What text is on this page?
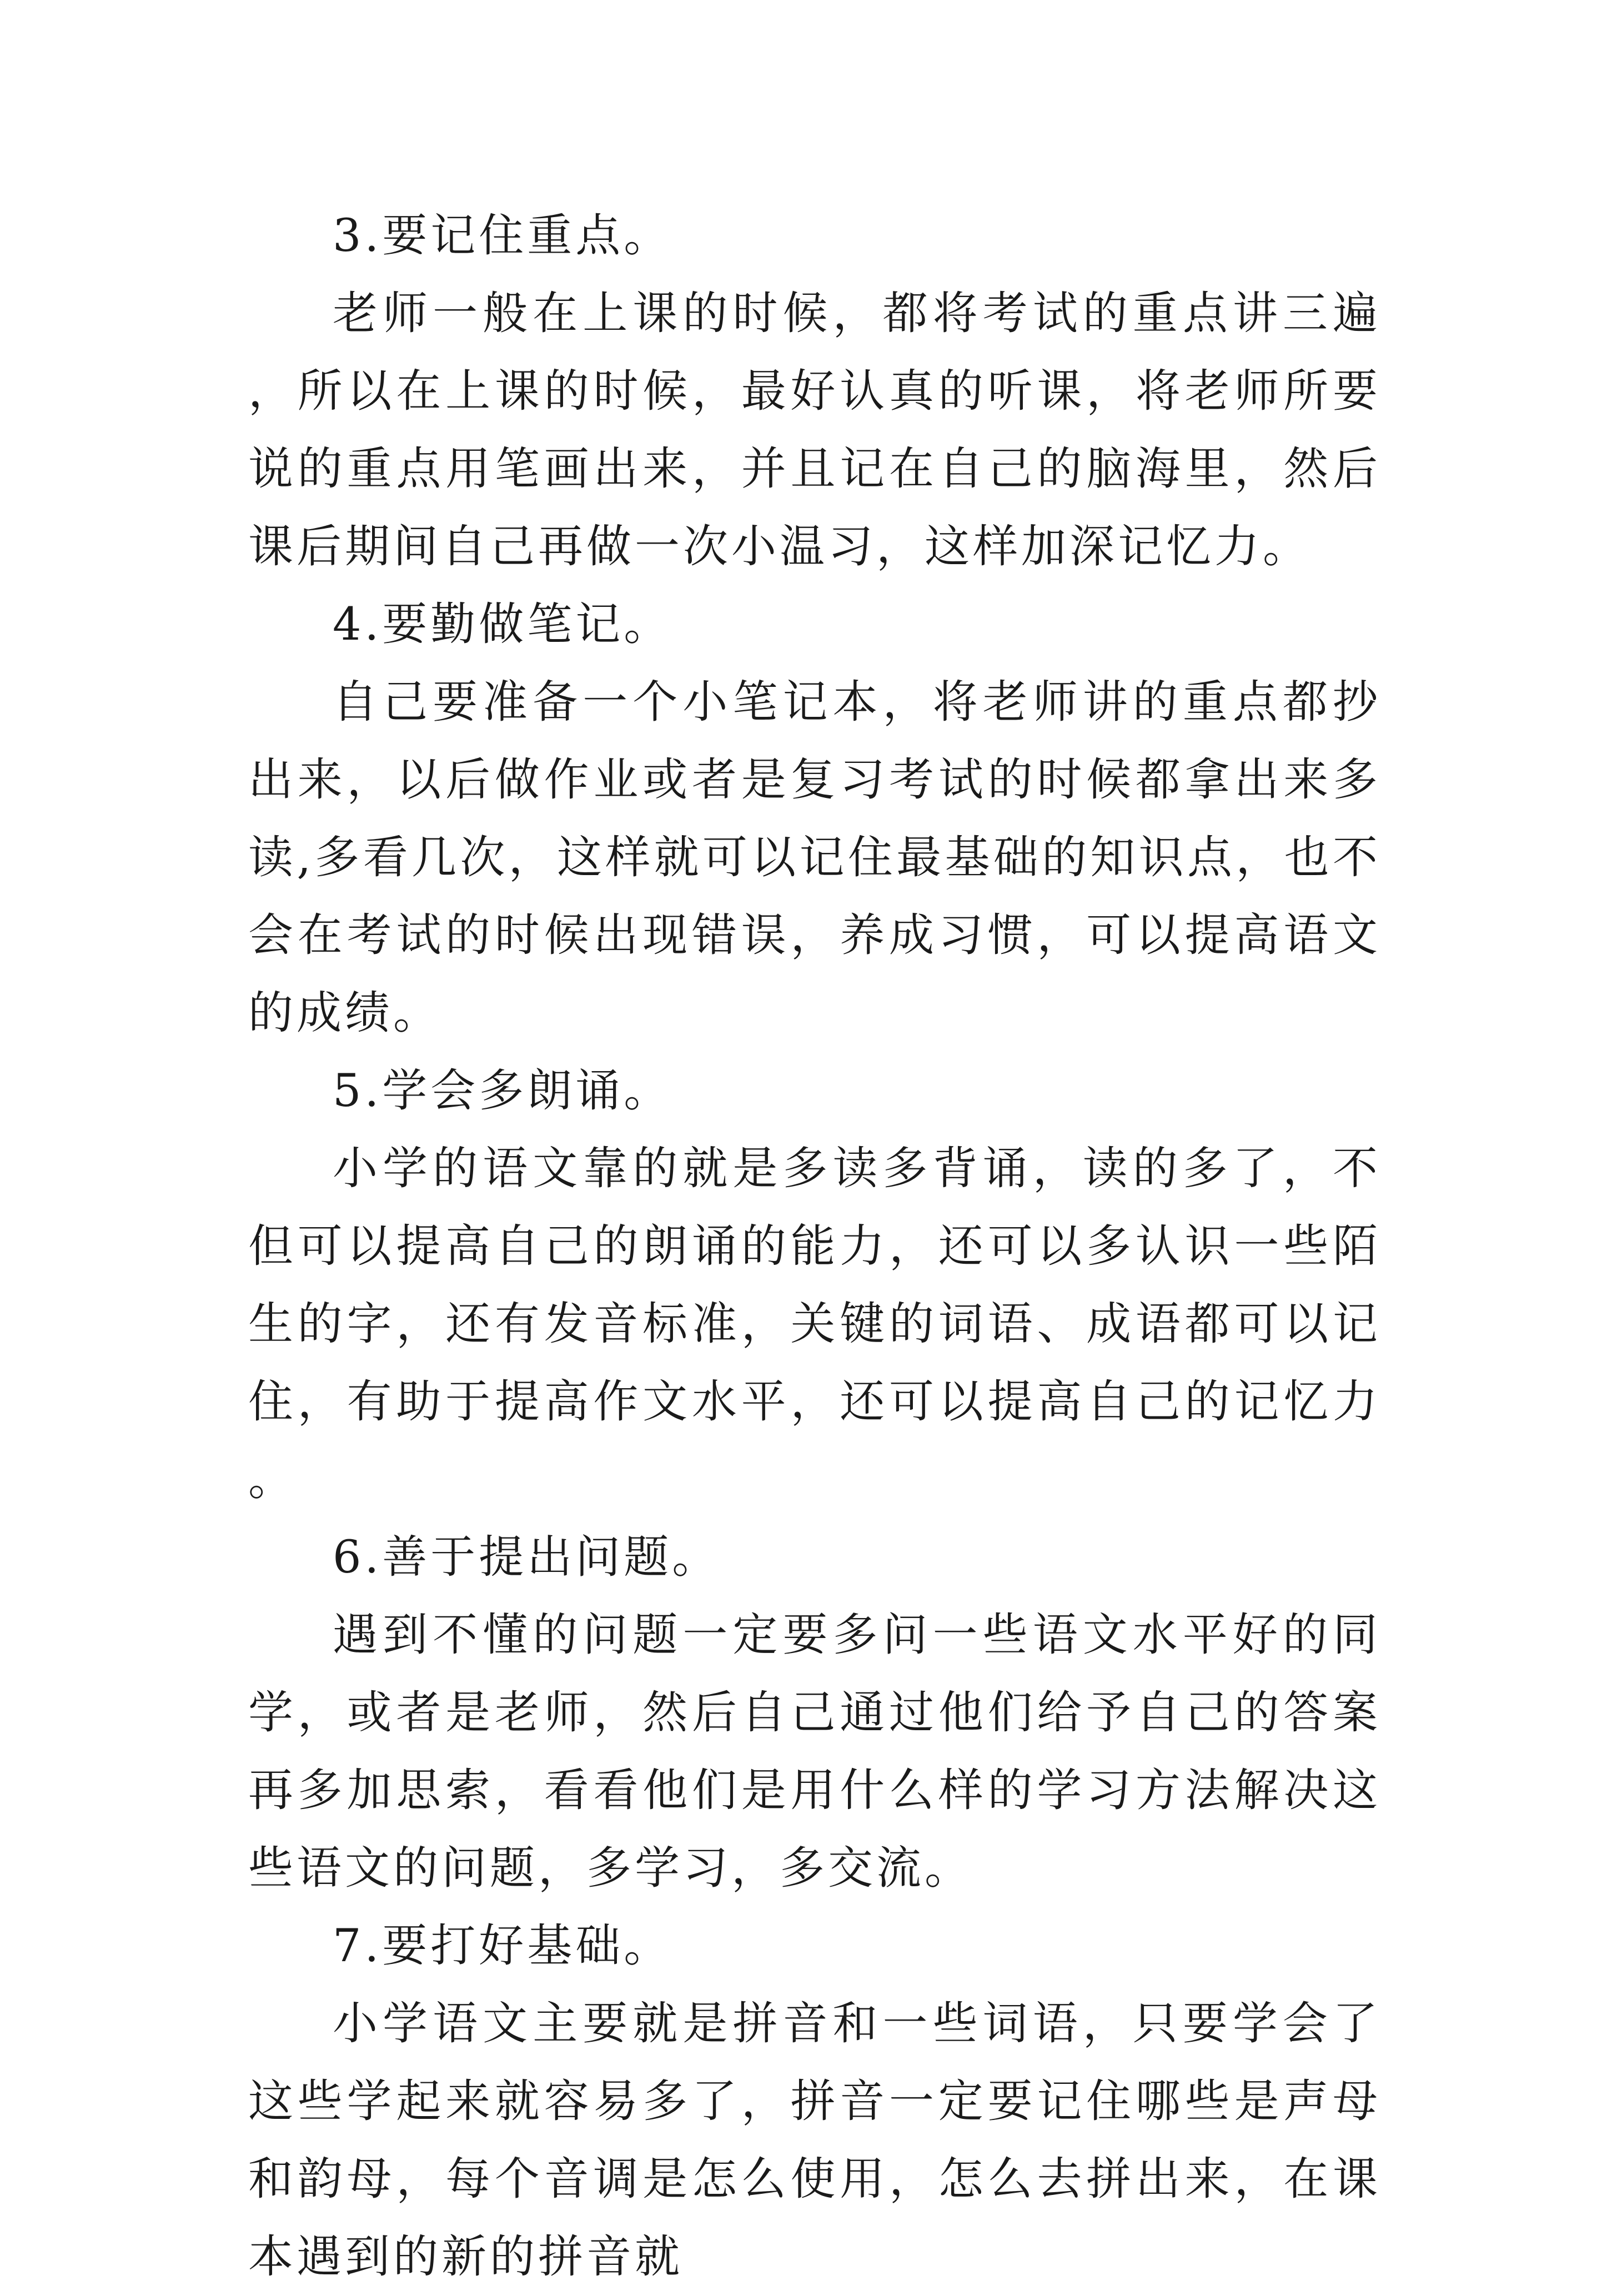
3.要记住重点。

老师一般在上课的时候，都将考试的重点讲三遍，所以在上课的时候，最好认真的听课，将老师所要说的重点用笔画出来，并且记在自己的脑海里，然后课后期间自己再做一次小温习，这样加深记忆力。

4.要勤做笔记。

自己要准备一个小笔记本，将老师讲的重点都抄出来，以后做作业或者是复习考试的时候都拿出来多读,多看几次，这样就可以记住最基础的知识点，也不会在考试的时候出现错误，养成习惯，可以提高语文的成绩。

5.学会多朗诵。

小学的语文靠的就是多读多背诵，读的多了，不但可以提高自己的朗诵的能力，还可以多认识一些陌生的字，还有发音标准，关键的词语、成语都可以记住，有助于提高作文水平，还可以提高自己的记忆力。

6.善于提出问题。

遇到不懂的问题一定要多问一些语文水平好的同学，或者是老师，然后自己通过他们给予自己的答案再多加思索，看看他们是用什么样的学习方法解决这些语文的问题，多学习，多交流。

7.要打好基础。

小学语文主要就是拼音和一些词语，只要学会了这些学起来就容易多了，拼音一定要记住哪些是声母和韵母，每个音调是怎么使用，怎么去拼出来，在课本遇到的新的拼音就
